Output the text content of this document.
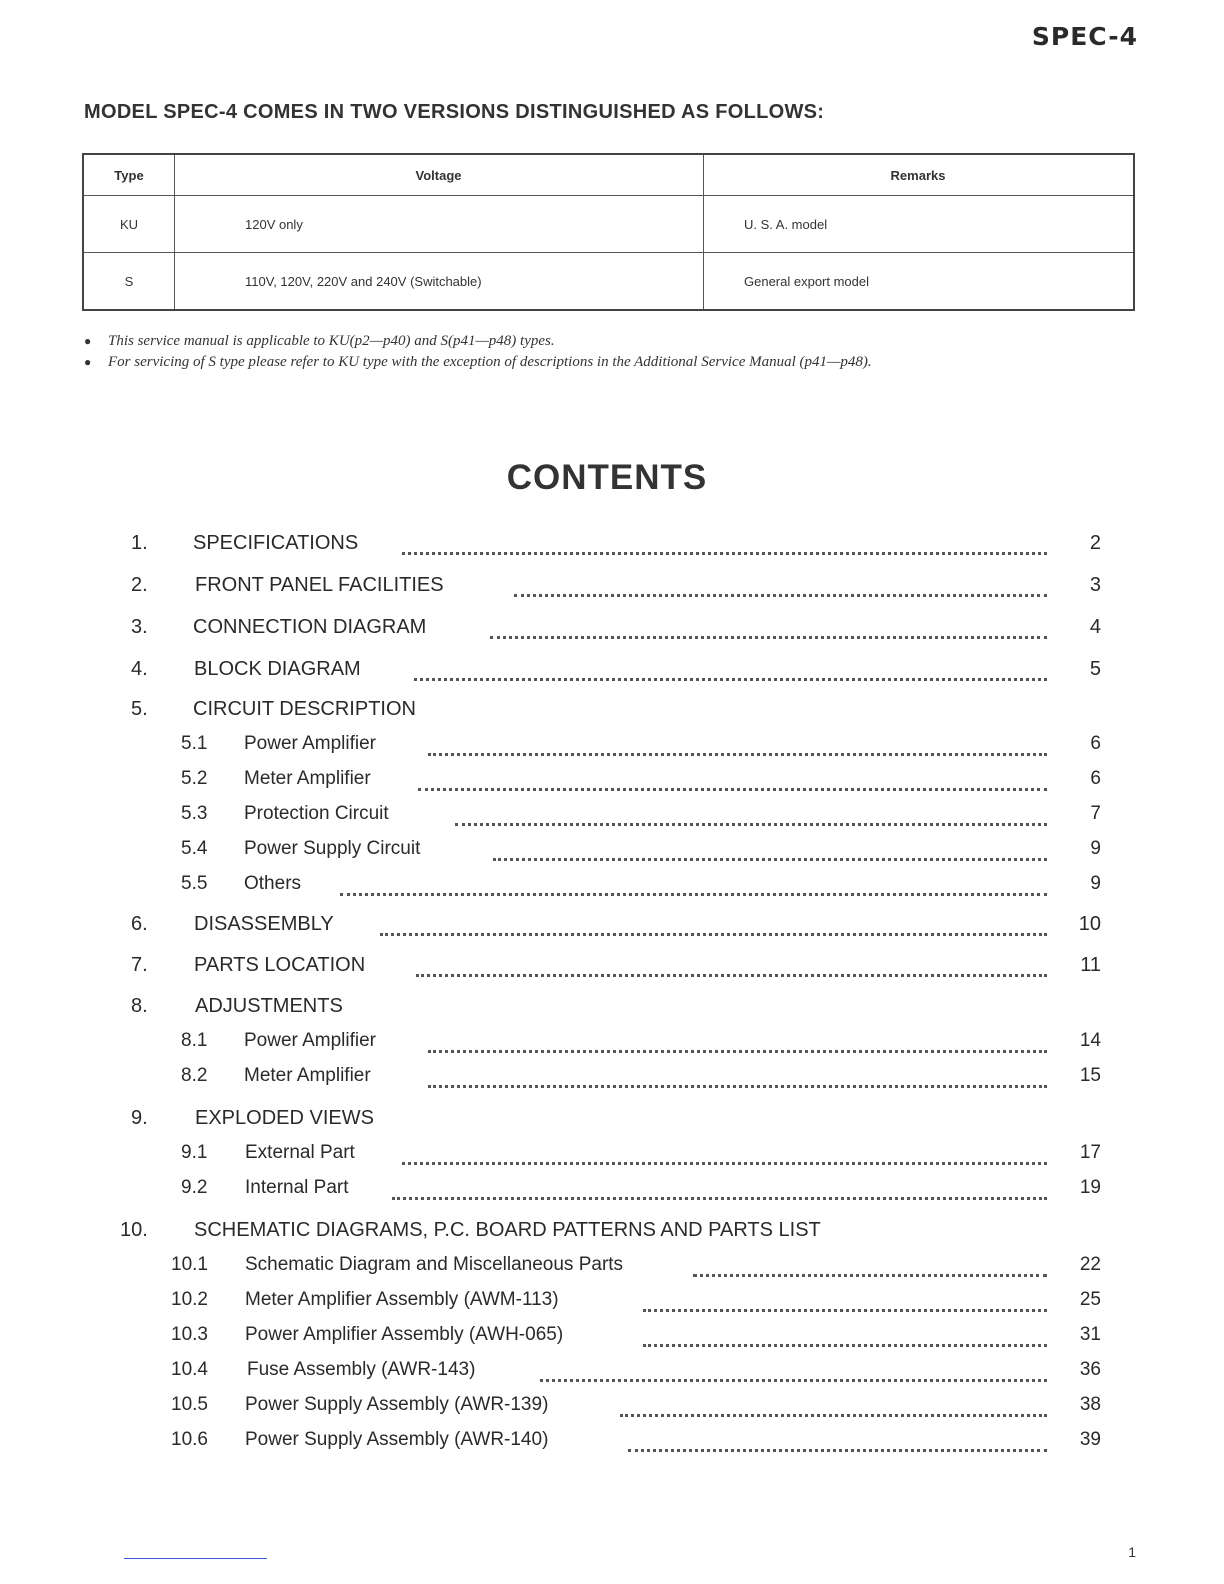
SPEC-4
MODEL SPEC-4 COMES IN TWO VERSIONS DISTINGUISHED AS FOLLOWS:
Type	Voltage	Remarks
KU	120V only	U. S. A. model
S	110V, 120V, 220V and 240V (Switchable)	General export model
●	This service manual is applicable to KU(p2—p40) and S(p41—p48) types.
●	For servicing of S type please refer to KU type with the exception of descriptions in the Additional Service Manual (p41—p48).
CONTENTS
1. SPECIFICATIONS	2
2. FRONT PANEL FACILITIES	3
3. CONNECTION DIAGRAM	4
4. BLOCK DIAGRAM	5
5. CIRCUIT DESCRIPTION
5.1 Power Amplifier	6
5.2 Meter Amplifier	6
5.3 Protection Circuit	7
5.4 Power Supply Circuit	9
5.5 Others	9
6. DISASSEMBLY	10
7. PARTS LOCATION	11
8. ADJUSTMENTS
8.1 Power Amplifier	14
8.2 Meter Amplifier	15
9. EXPLODED VIEWS
9.1 External Part	17
9.2 Internal Part	19
10. SCHEMATIC DIAGRAMS, P.C. BOARD PATTERNS AND PARTS LIST
10.1 Schematic Diagram and Miscellaneous Parts	22
10.2 Meter Amplifier Assembly (AWM-113)	25
10.3 Power Amplifier Assembly (AWH-065)	31
10.4 Fuse Assembly (AWR-143)	36
10.5 Power Supply Assembly (AWR-139)	38
10.6 Power Supply Assembly (AWR-140)	39
1
